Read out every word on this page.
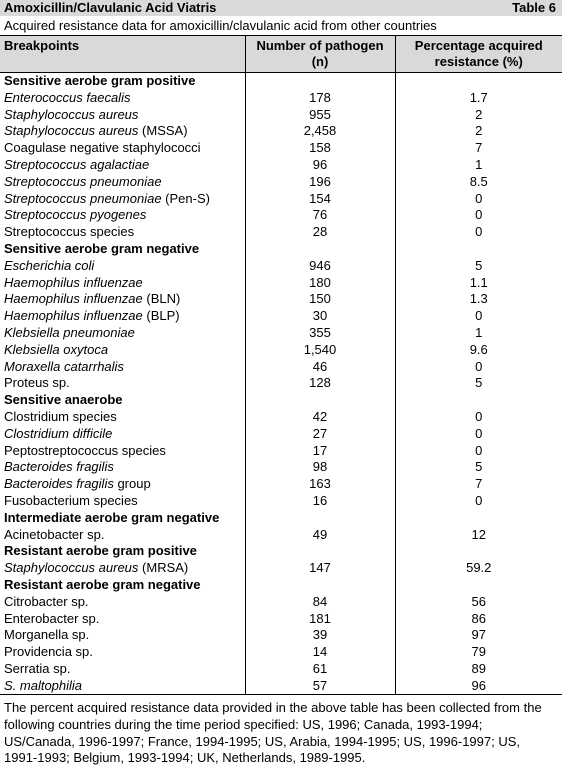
Amoxicillin/Clavulanic Acid Viatris	Table 6
Acquired resistance data for amoxicillin/clavulanic acid from other countries
Breakpoints	Number of pathogen (n)	Percentage acquired resistance (%)
Sensitive aerobe gram positive		
Enterococcus faecalis	178	1.7
Staphylococcus aureus	955	2
Staphylococcus aureus (MSSA)	2,458	2
Coagulase negative staphylococci	158	7
Streptococcus agalactiae	96	1
Streptococcus pneumoniae	196	8.5
Streptococcus pneumoniae (Pen-S)	154	0
Streptococcus pyogenes	76	0
Streptococcus species	28	0
Sensitive aerobe gram negative		
Escherichia coli	946	5
Haemophilus influenzae	180	1.1
Haemophilus influenzae (BLN)	150	1.3
Haemophilus influenzae (BLP)	30	0
Klebsiella pneumoniae	355	1
Klebsiella oxytoca	1,540	9.6
Moraxella catarrhalis	46	0
Proteus sp.	128	5
Sensitive anaerobe		
Clostridium species	42	0
Clostridium difficile	27	0
Peptostreptococcus species	17	0
Bacteroides fragilis	98	5
Bacteroides fragilis group	163	7
Fusobacterium species	16	0
Intermediate aerobe gram negative		
Acinetobacter sp.	49	12
Resistant aerobe gram positive		
Staphylococcus aureus (MRSA)	147	59.2
Resistant aerobe gram negative		
Citrobacter sp.	84	56
Enterobacter sp.	181	86
Morganella sp.	39	97
Providencia sp.	14	79
Serratia sp.	61	89
S. maltophilia	57	96
The percent acquired resistance data provided in the above table has been collected from the following countries during the time period specified: US, 1996; Canada, 1993-1994; US/Canada, 1996-1997; France, 1994-1995; US, Arabia, 1994-1995; US, 1996-1997; US, 1991-1993; Belgium, 1993-1994; UK, Netherlands, 1989-1995.
